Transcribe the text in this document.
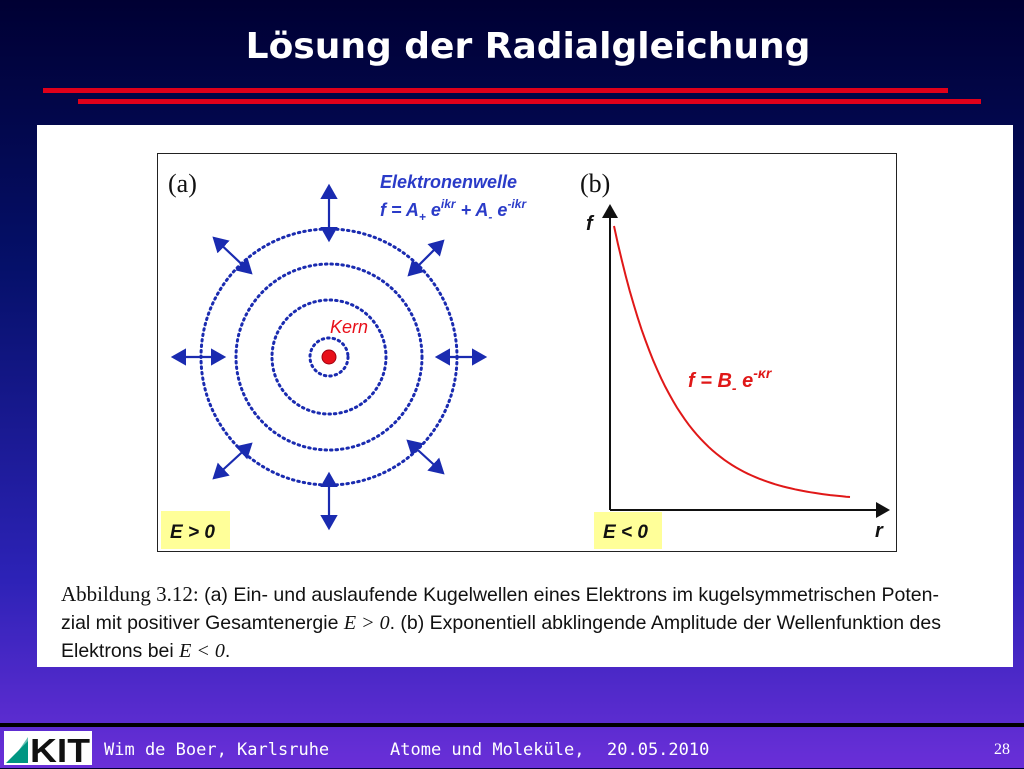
Lösung der Radialgleichung
(a)	Elektronenwelle
$f = A_+$ $e^{ikr} + A_-$ $e^{-ikr}$
Kern
E > 0
(b)
f
r
$f = B_-$ $e^{-\kappa r}$
E < 0
Abbildung 3.12: (a) Ein- und auslaufende Kugelwellen eines Elektrons im kugelsymmetrischen Poten-
zial mit positiver Gesamtenergie E > 0. (b) Exponentiell abklingende Amplitude der Wellenfunktion des
Elektrons bei E < 0.
KIT Wim de Boer, Karlsruhe	Atome und Moleküle, 20.05.2010	28
